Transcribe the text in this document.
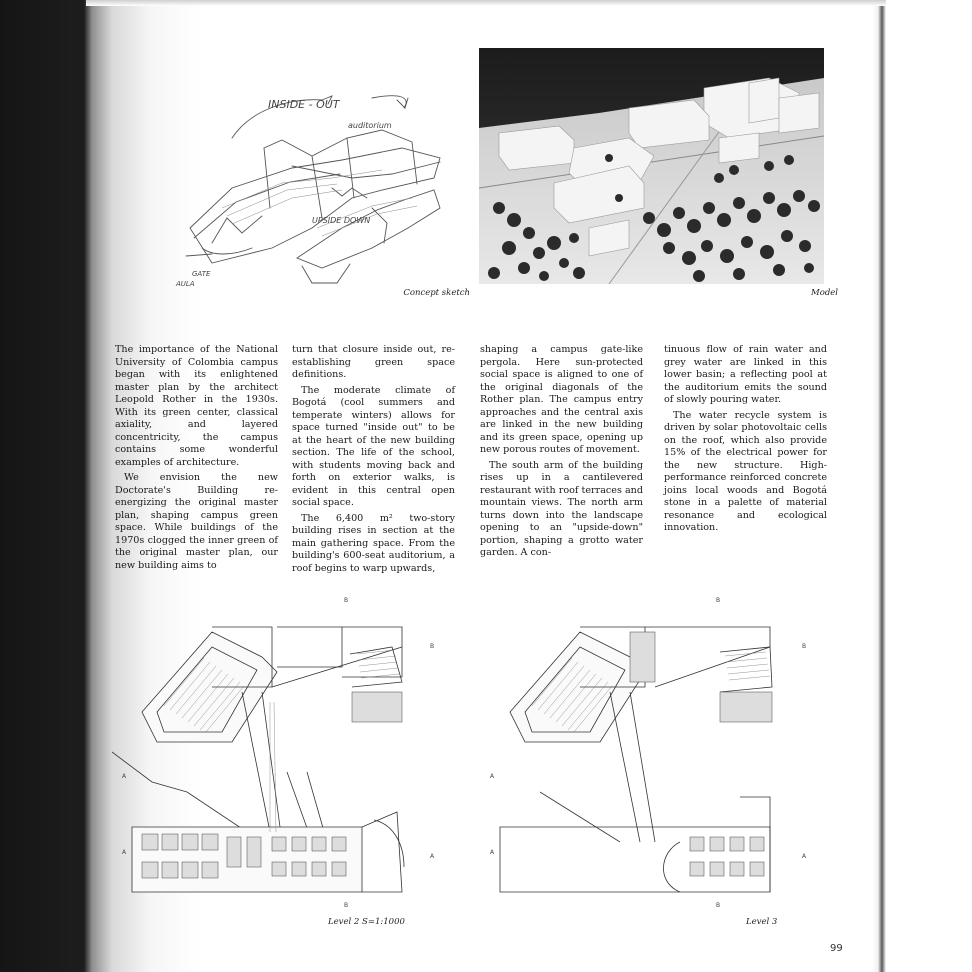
INSIDE - OUT
auditorium
UPSIDE DOWN
GATE
AULA
Concept sketch	Model

The importance of the National University of Colombia campus began with its enlightened master plan by the architect Leopold Rother in the 1930s. With its green center, classical axiality, and layered concentricity, the campus contains some wonderful examples of architecture.

We envision the new Doctorate's Building re-energizing the original master plan, shaping campus green space. While buildings of the 1970s clogged the inner green of the original master plan, our new building aims to

turn that closure inside out, re-establishing green space definitions.

The moderate climate of Bogotá (cool summers and temperate winters) allows for space turned "inside out" to be at the heart of the new building section. The life of the school, with students moving back and forth on exterior walks, is evident in this central open social space.

The 6,400 m² two-story building rises in section at the main gathering space. From the building's 600-seat auditorium, a roof begins to warp upwards,

shaping a campus gate-like pergola. Here sun-protected social space is aligned to one of the original diagonals of the Rother plan. The campus entry approaches and the central axis are linked in the new building and its green space, opening up new porous routes of movement.

The south arm of the building rises up in a cantilevered restaurant with roof terraces and mountain views. The north arm turns down into the landscape opening to an "upside-down" portion, shaping a grotto water garden. A con-

tinuous flow of rain water and grey water are linked in this lower basin; a reflecting pool at the auditorium emits the sound of slowly pouring water.

The water recycle system is driven by solar photovoltaic cells on the roof, which also provide 15% of the electrical power for the new structure. High-performance reinforced concrete joins local woods and Bogotá stone in a palette of material resonance and ecological innovation.

B
B
A
A
A
B
Level 2 S=1:1000
B
B
A
A
A
B
Level 3
99
